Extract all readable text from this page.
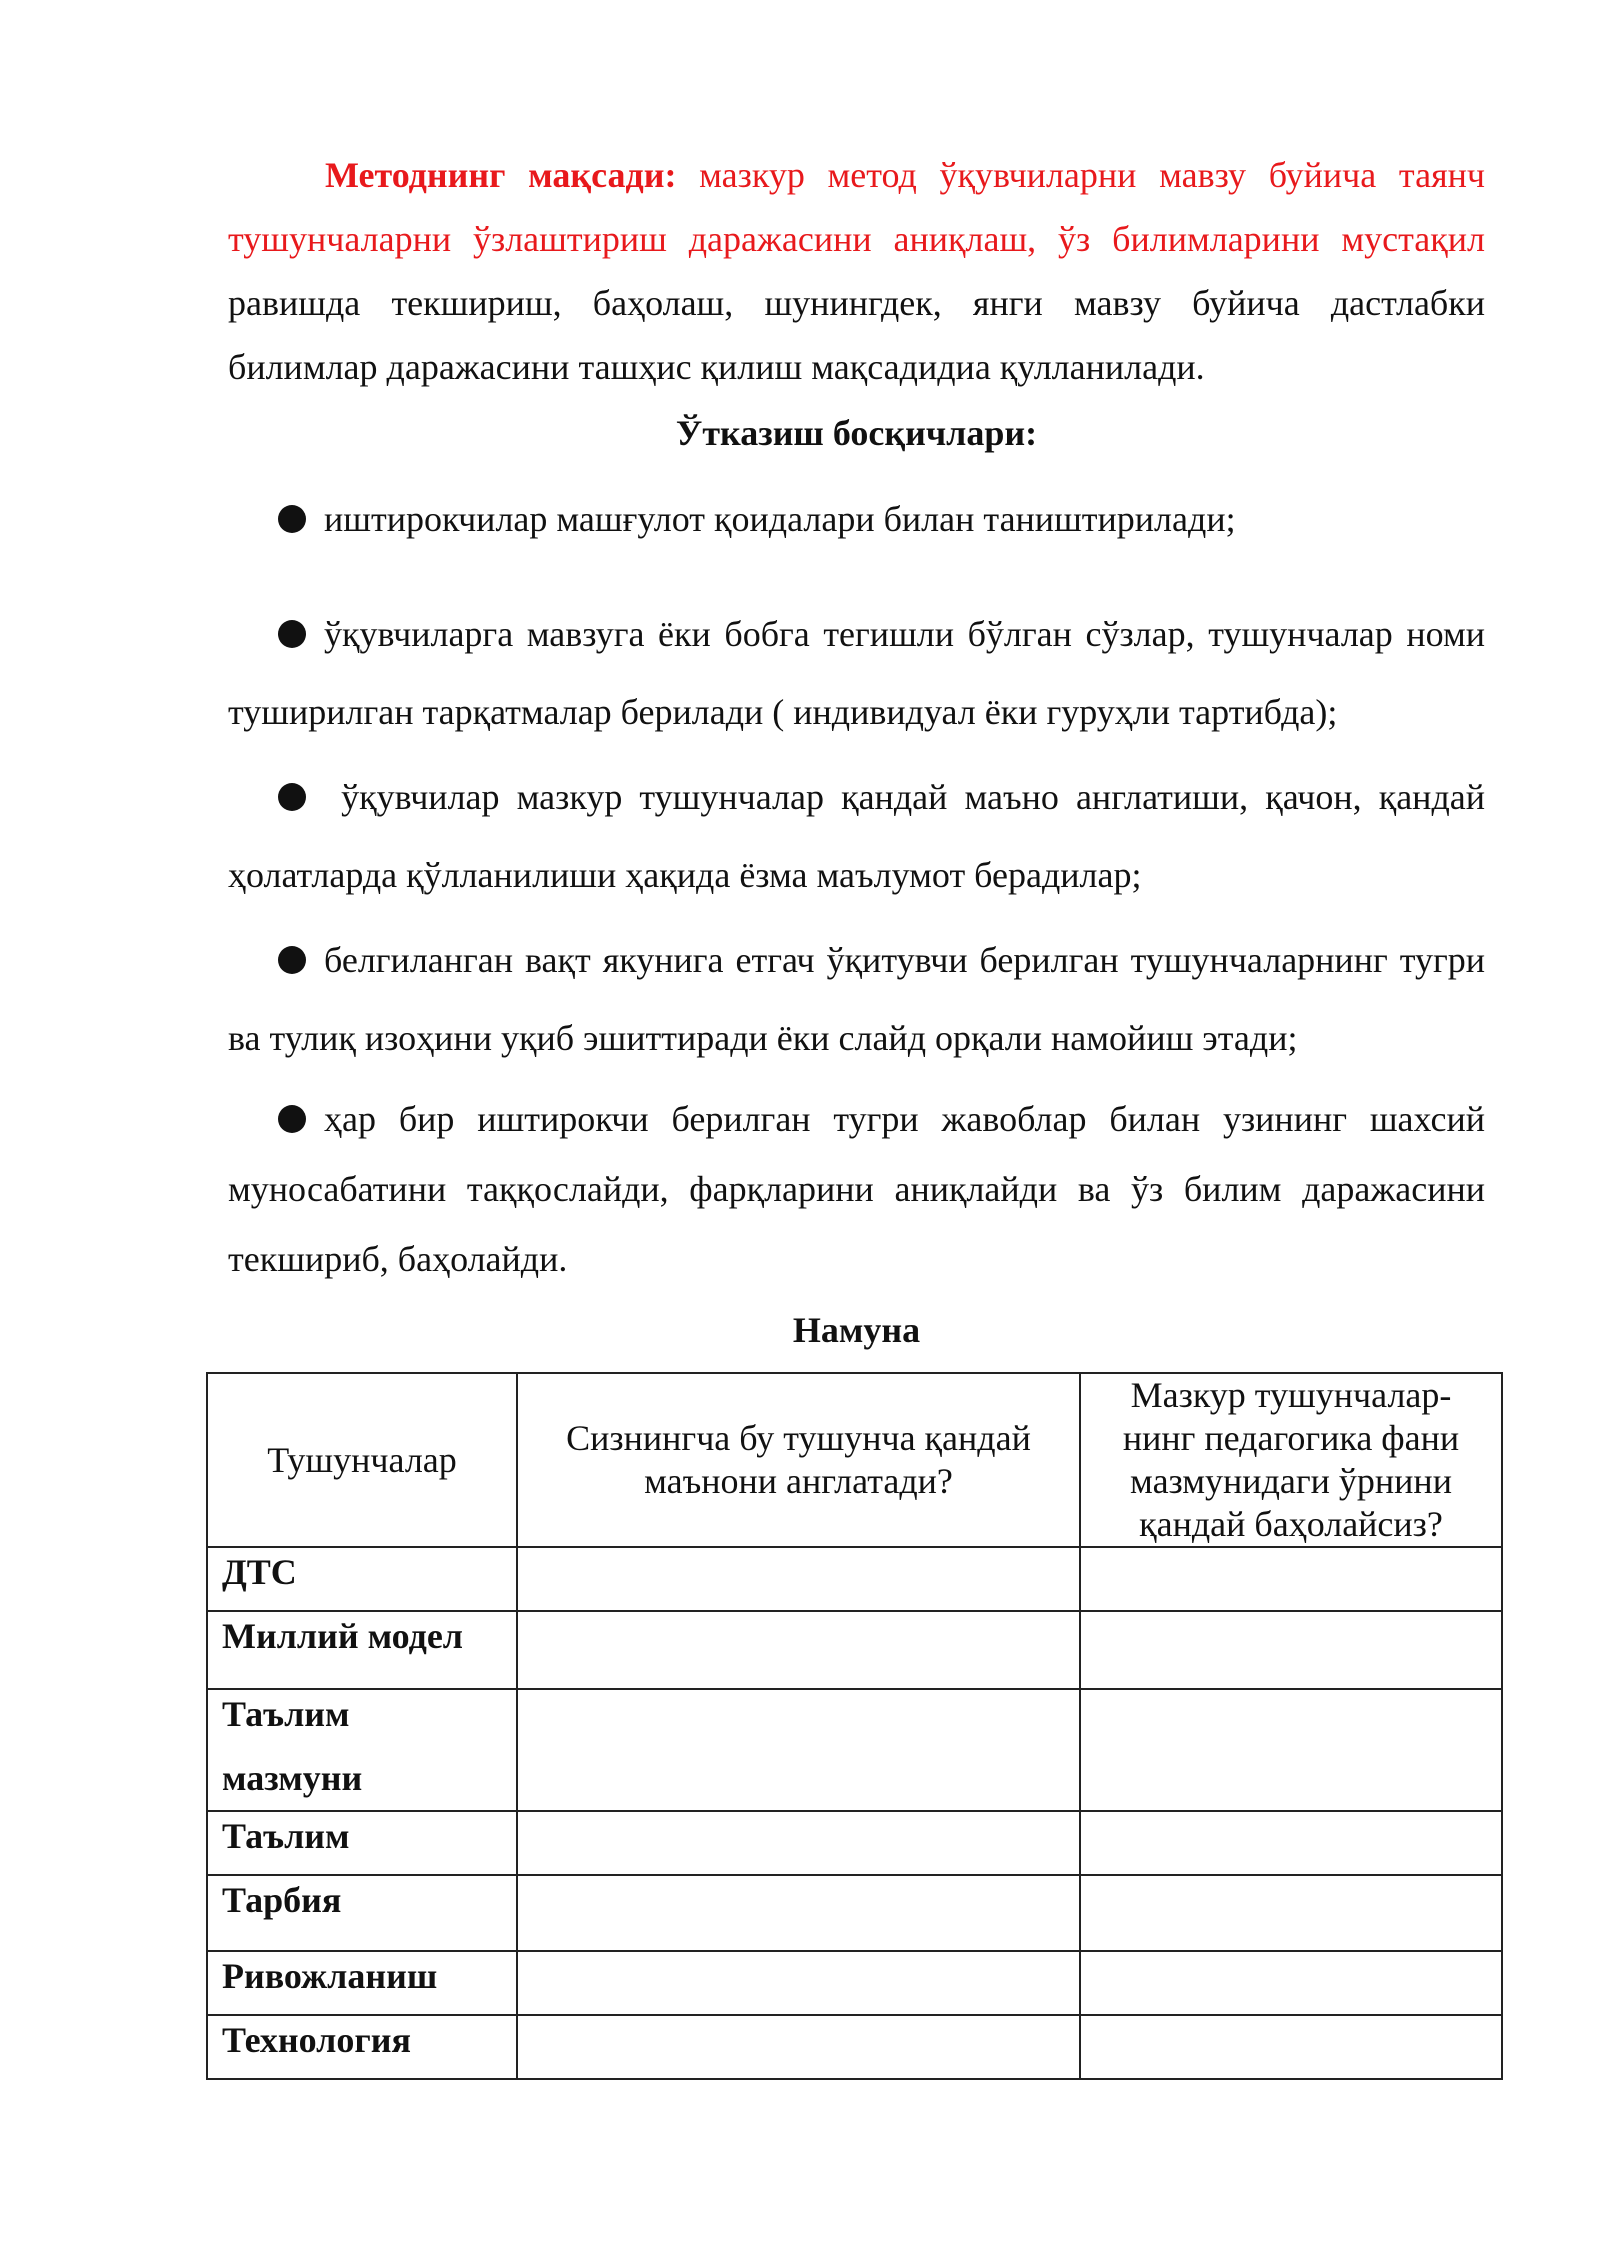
Методнинг мақсади: мазкур метод ўқувчиларни мавзу буйича таянч тушунчаларни ўзлаштириш даражасини аниқлаш, ўз билимларини мустақил равишда текшириш, баҳолаш, шунингдек, янги мавзу буйича дастлабки билимлар даражасини ташҳис қилиш мақсадидиа қулланилади.
Ўтказиш босқичлари:
иштирокчилар машғулот қоидалари билан таништирилади;
ўқувчиларга мавзуга ёки бобга тегишли бўлган сўзлар, тушунчалар номи туширилган тарқатмалар берилади ( индивидуал ёки гуруҳли тартибда);
ўқувчилар мазкур тушунчалар қандай маъно англатиши, қачон, қандай ҳолатларда қўлланилиши ҳақида ёзма маълумот берадилар;
белгиланган вақт якунига етгач ўқитувчи берилган тушунчаларнинг тугри ва тулиқ изоҳини уқиб эшиттиради ёки слайд орқали намойиш этади;
ҳар бир иштирокчи берилган тугри жавоблар билан узининг шахсий муносабатини таққослайди, фарқларини аниқлайди ва ўз билим даражасини текшириб, баҳолайди.
Намуна
Тушунчалар	Сизнингча бу тушунча қандай маънони англатади?	Мазкур тушунчалар-нинг педагогика фани мазмунидаги ўрнини қандай баҳолайсиз?

ДТС		

Миллий модел		

Таълим мазмуни		

Таълим		

Тарбия		

Ривожланиш		

Технология		
